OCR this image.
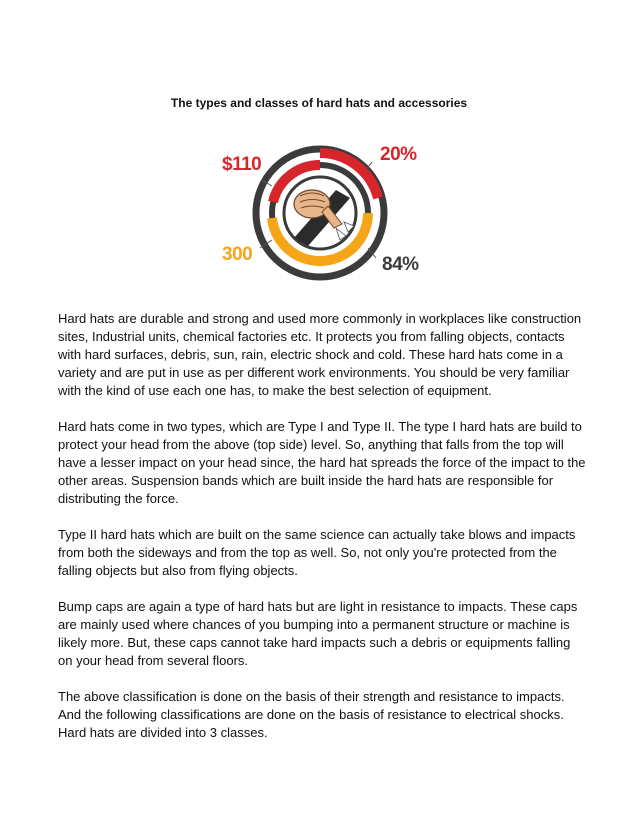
The types and classes of hard hats and accessories
$110	20%
300	84%

Hard hats are durable and strong and used more commonly in workplaces like construction sites, Industrial units, chemical factories etc. It protects you from falling objects, contacts with hard surfaces, debris, sun, rain, electric shock and cold. These hard hats come in a variety and are put in use as per different work environments. You should be very familiar with the kind of use each one has, to make the best selection of equipment.

Hard hats come in two types, which are Type I and Type II. The type I hard hats are build to protect your head from the above (top side) level. So, anything that falls from the top will have a lesser impact on your head since, the hard hat spreads the force of the impact to the other areas. Suspension bands which are built inside the hard hats are responsible for distributing the force.

Type II hard hats which are built on the same science can actually take blows and impacts from both the sideways and from the top as well. So, not only you're protected from the falling objects but also from flying objects.

Bump caps are again a type of hard hats but are light in resistance to impacts. These caps are mainly used where chances of you bumping into a permanent structure or machine is likely more. But, these caps cannot take hard impacts such a debris or equipments falling on your head from several floors.

The above classification is done on the basis of their strength and resistance to impacts. And the following classifications are done on the basis of resistance to electrical shocks. Hard hats are divided into 3 classes.
